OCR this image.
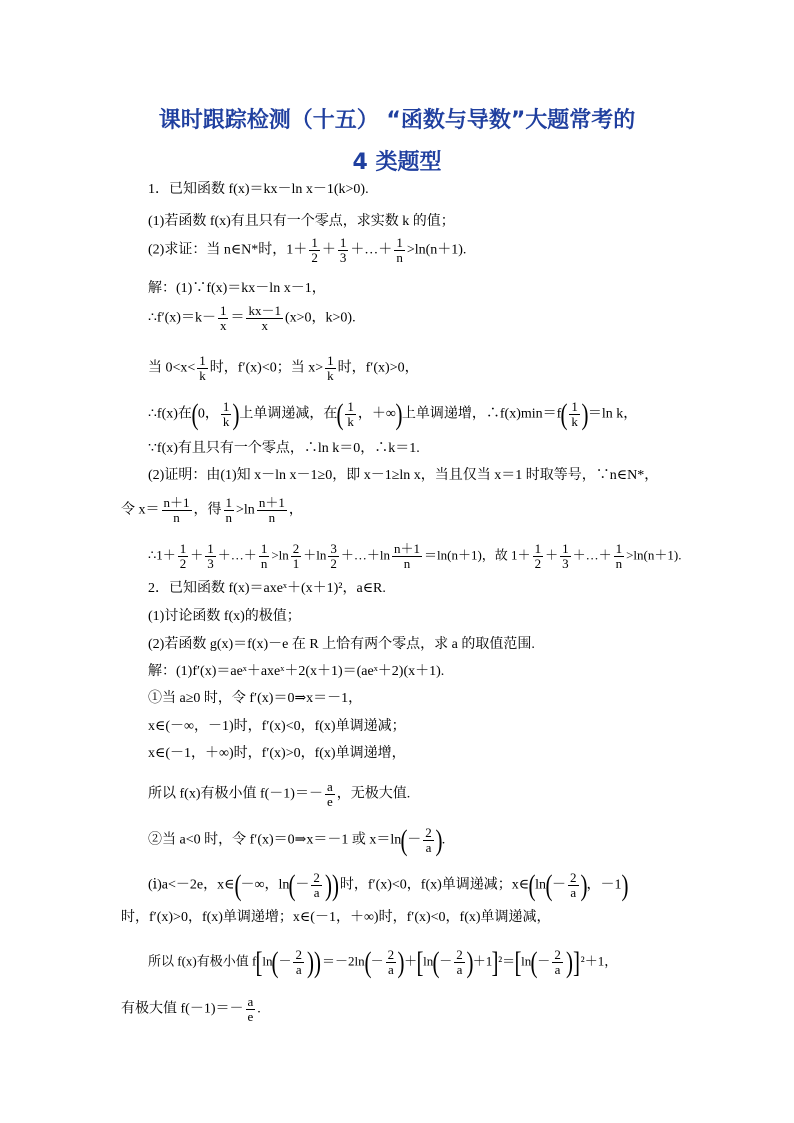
课时跟踪检测（十五） “函数与导数”大题常考的
4 类题型
1．已知函数 f(x)＝kx－ln x－1(k>0).
(1)若函数 f(x)有且只有一个零点，求实数 k 的值；
(2)求证：当 n∈N*时，$1+ \frac{1}{2} + \frac{1}{3}$ ＋…＋ $\frac{1}{n} >\ln(n+1)$.
解：(1)∵f(x)＝kx－ln x－1，
∴f′(x)＝k－ $\frac{1}{x} = \frac{kx-1}{x} (x>0$，k>0).
当 $0<x< \frac{1}{k}$ 时，f′(x)<0；当 $x> \frac{1}{k}$ 时，f′(x)>0，
∴f(x)在(0， $\frac{1}{k}$ )上单调递减，在( $\frac{1}{k}$ ，＋∞)上单调递增，∴f(x)min＝f( $\frac{1}{k} )=\ln$ k，
∵f(x)有且只有一个零点，∴ln k＝0，∴k＝1.
(2)证明：由(1)知 x－ln x－1≥0，即 x－1≥ln x，当且仅当 x＝1 时取等号，∵n∈N*，
令 $x= \frac{n+1}{n}$ ，得 $\frac{1}{n} >\ln \frac{n+1}{n}$ ，
∴1＋ $\frac{1}{2} + \frac{1}{3}$ ＋…＋ $\frac{1}{n} >\ln \frac{2}{1} +\ln \frac{3}{2}$ ＋…＋ln $\frac{n+1}{n} =\ln(n+1)$，故 $1+ \frac{1}{2} + \frac{1}{3}$ ＋…＋ $\frac{1}{n} >\ln(n+1)$.
2．已知函数 f(x)＝axeˣ＋(x＋1)²，a∈R.
(1)讨论函数 f(x)的极值；
(2)若函数 g(x)＝f(x)－e 在 R 上恰有两个零点，求 a 的取值范围.
解：(1)f′(x)＝aeˣ＋axeˣ＋2(x＋1)＝(aeˣ＋2)(x＋1).
①当 a≥0 时，令 f′(x)＝0⇒x＝－1，
x∈(－∞，－1)时，f′(x)<0，f(x)单调递减；
x∈(－1，＋∞)时，f′(x)>0，f(x)单调递增，
所以 f(x)有极小值 $f(-1)=- \frac{a}{e}$ ，无极大值.
②当 a<0 时，令 f′(x)＝0⇒x＝－1 或 $x=\ln(- \frac{2}{a}$ ).
(ⅰ)a<－2e，x∈(－∞，$\ln(- \frac{2}{a}$ ))时，f′(x)<0，f(x)单调递减；x∈(ln(－ $\frac{2}{a}$ )，－1)
时，f′(x)>0，f(x)单调递增；x∈(－1，＋∞)时，f′(x)<0，f(x)单调递减，
所以 f(x)有极小值 $f[\ln(- \frac{2}{a} ))=-2\ln(- \frac{2}{a} )+[\ln(- \frac{2}{a} )+1]^2=[\ln(- \frac{2}{a} )]^2+1$，
有极大值 $f(-1)=- \frac{a}{e}$ .
